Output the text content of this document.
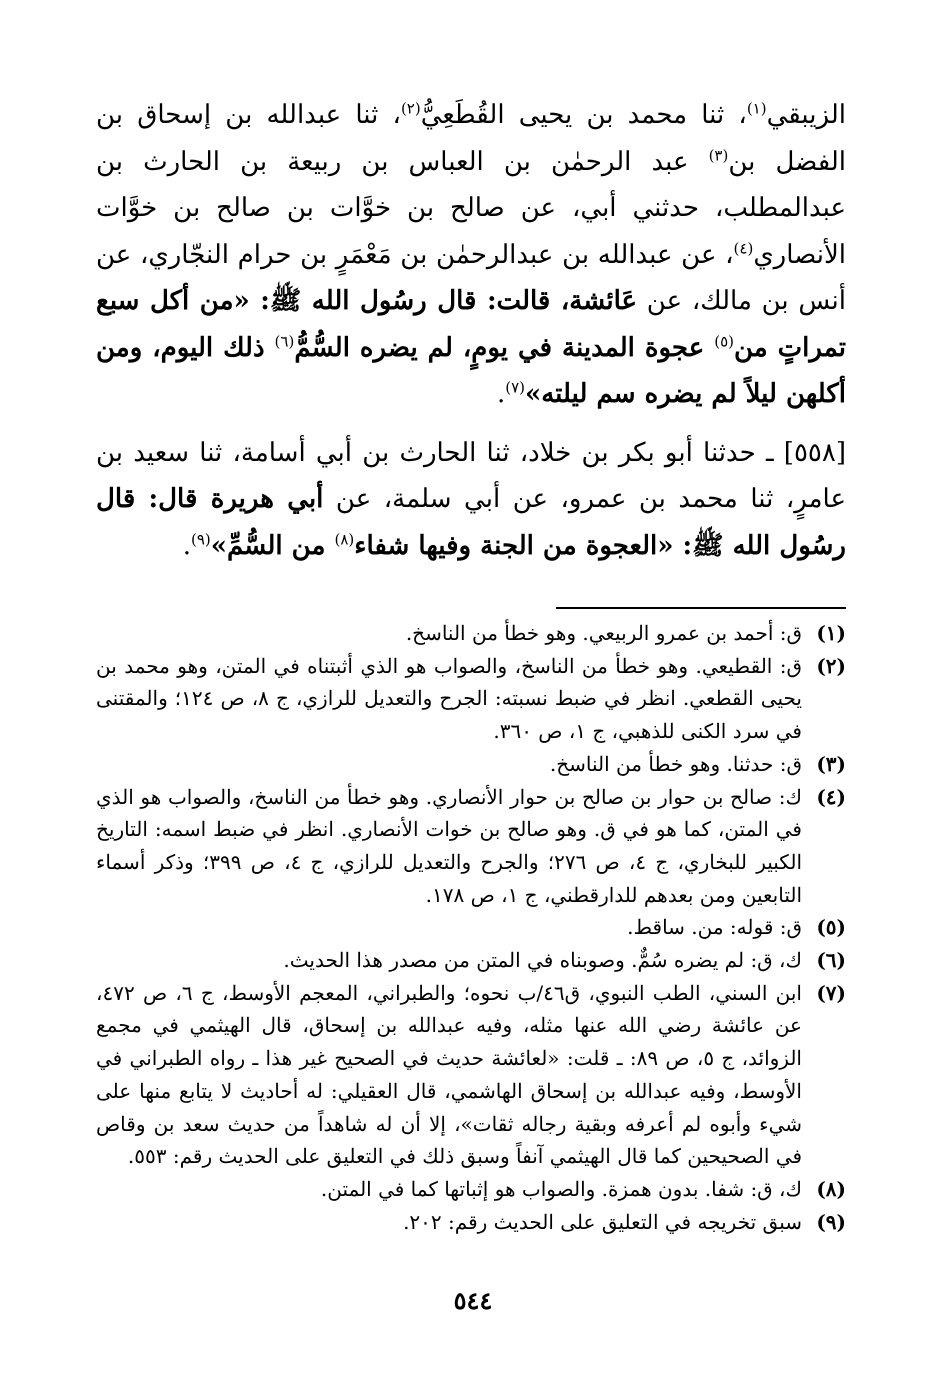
الزيبقي$^{(١)}$، ثنا محمد بن يحيى القُطَعِيُّ$^{(٢)}$، ثنا عبدالله بن إسحاق بن الفضل بن$^{(٣)}$ عبد الرحمٰن بن العباس بن ربيعة بن الحارث بن عبدالمطلب، حدثني أبي، عن صالح بن خوَّات بن صالح بن خوَّات الأنصاري$^{(٤)}$، عن عبدالله بن عبدالرحمٰن بن مَعْمَرٍ بن حرام النجّاري، عن أنس بن مالك، عن عَائشة، قالت: قال رسُول الله ﷺ: «من أكل سبع تمراتٍ من$^{(٥)}$ عجوة المدينة في يومٍ، لم يضره السُّمُّ$^{(٦)}$ ذلك اليوم، ومن أكلهن ليلاً لم يضره سم ليلته»$^{(٧)}$.

[٥٥٨] ـ حدثنا أبو بكر بن خلاد، ثنا الحارث بن أبي أسامة، ثنا سعيد بن عامرٍ، ثنا محمد بن عمرو، عن أبي سلمة، عن أبي هريرة قال: قال رسُول الله ﷺ: «العجوة من الجنة وفيها شفاء$^{(٨)}$ من السُّمِّ»$^{(٩)}$.

(١)
ق: أحمد بن عمرو الربيعي. وهو خطأ من الناسخ.
(٢)
ق: القطيعي. وهو خطأ من الناسخ، والصواب هو الذي أثبتناه في المتن، وهو محمد بن يحيى القطعي. انظر في ضبط نسبته: الجرح والتعديل للرازي، ج ٨، ص ١٢٤؛ والمقتنى في سرد الكنى للذهبي، ج ١، ص ٣٦٠.
(٣)
ق: حدثنا. وهو خطأ من الناسخ.
(٤)
ك: صالح بن حوار بن صالح بن حوار الأنصاري. وهو خطأ من الناسخ، والصواب هو الذي في المتن، كما هو في ق. وهو صالح بن خوات الأنصاري. انظر في ضبط اسمه: التاريخ الكبير للبخاري، ج ٤، ص ٢٧٦؛ والجرح والتعديل للرازي، ج ٤، ص ٣٩٩؛ وذكر أسماء التابعين ومن بعدهم للدارقطني، ج ١، ص ١٧٨.
(٥)
ق: قوله: من. ساقط.
(٦)
ك، ق: لم يضره سُمٌّ. وصوبناه في المتن من مصدر هذا الحديث.
(٧)
ابن السني، الطب النبوي، ق٤٦/ب نحوه؛ والطبراني، المعجم الأوسط، ج ٦، ص ٤٧٢، عن عائشة رضي الله عنها مثله، وفيه عبدالله بن إسحاق، قال الهيثمي في مجمع الزوائد، ج ٥، ص ٨٩: ـ قلت: «لعائشة حديث في الصحيح غير هذا ـ رواه الطبراني في الأوسط، وفيه عبدالله بن إسحاق الهاشمي، قال العقيلي: له أحاديث لا يتابع منها على شيء وأبوه لم أعرفه وبقية رجاله ثقات»، إلا أن له شاهداً من حديث سعد بن وقاص في الصحيحين كما قال الهيثمي آنفاً وسبق ذلك في التعليق على الحديث رقم: ٥٥٣.
(٨)
ك، ق: شفا. بدون همزة. والصواب هو إثباتها كما في المتن.
(٩)
سبق تخريجه في التعليق على الحديث رقم: ٢٠٢.
٥٤٤
